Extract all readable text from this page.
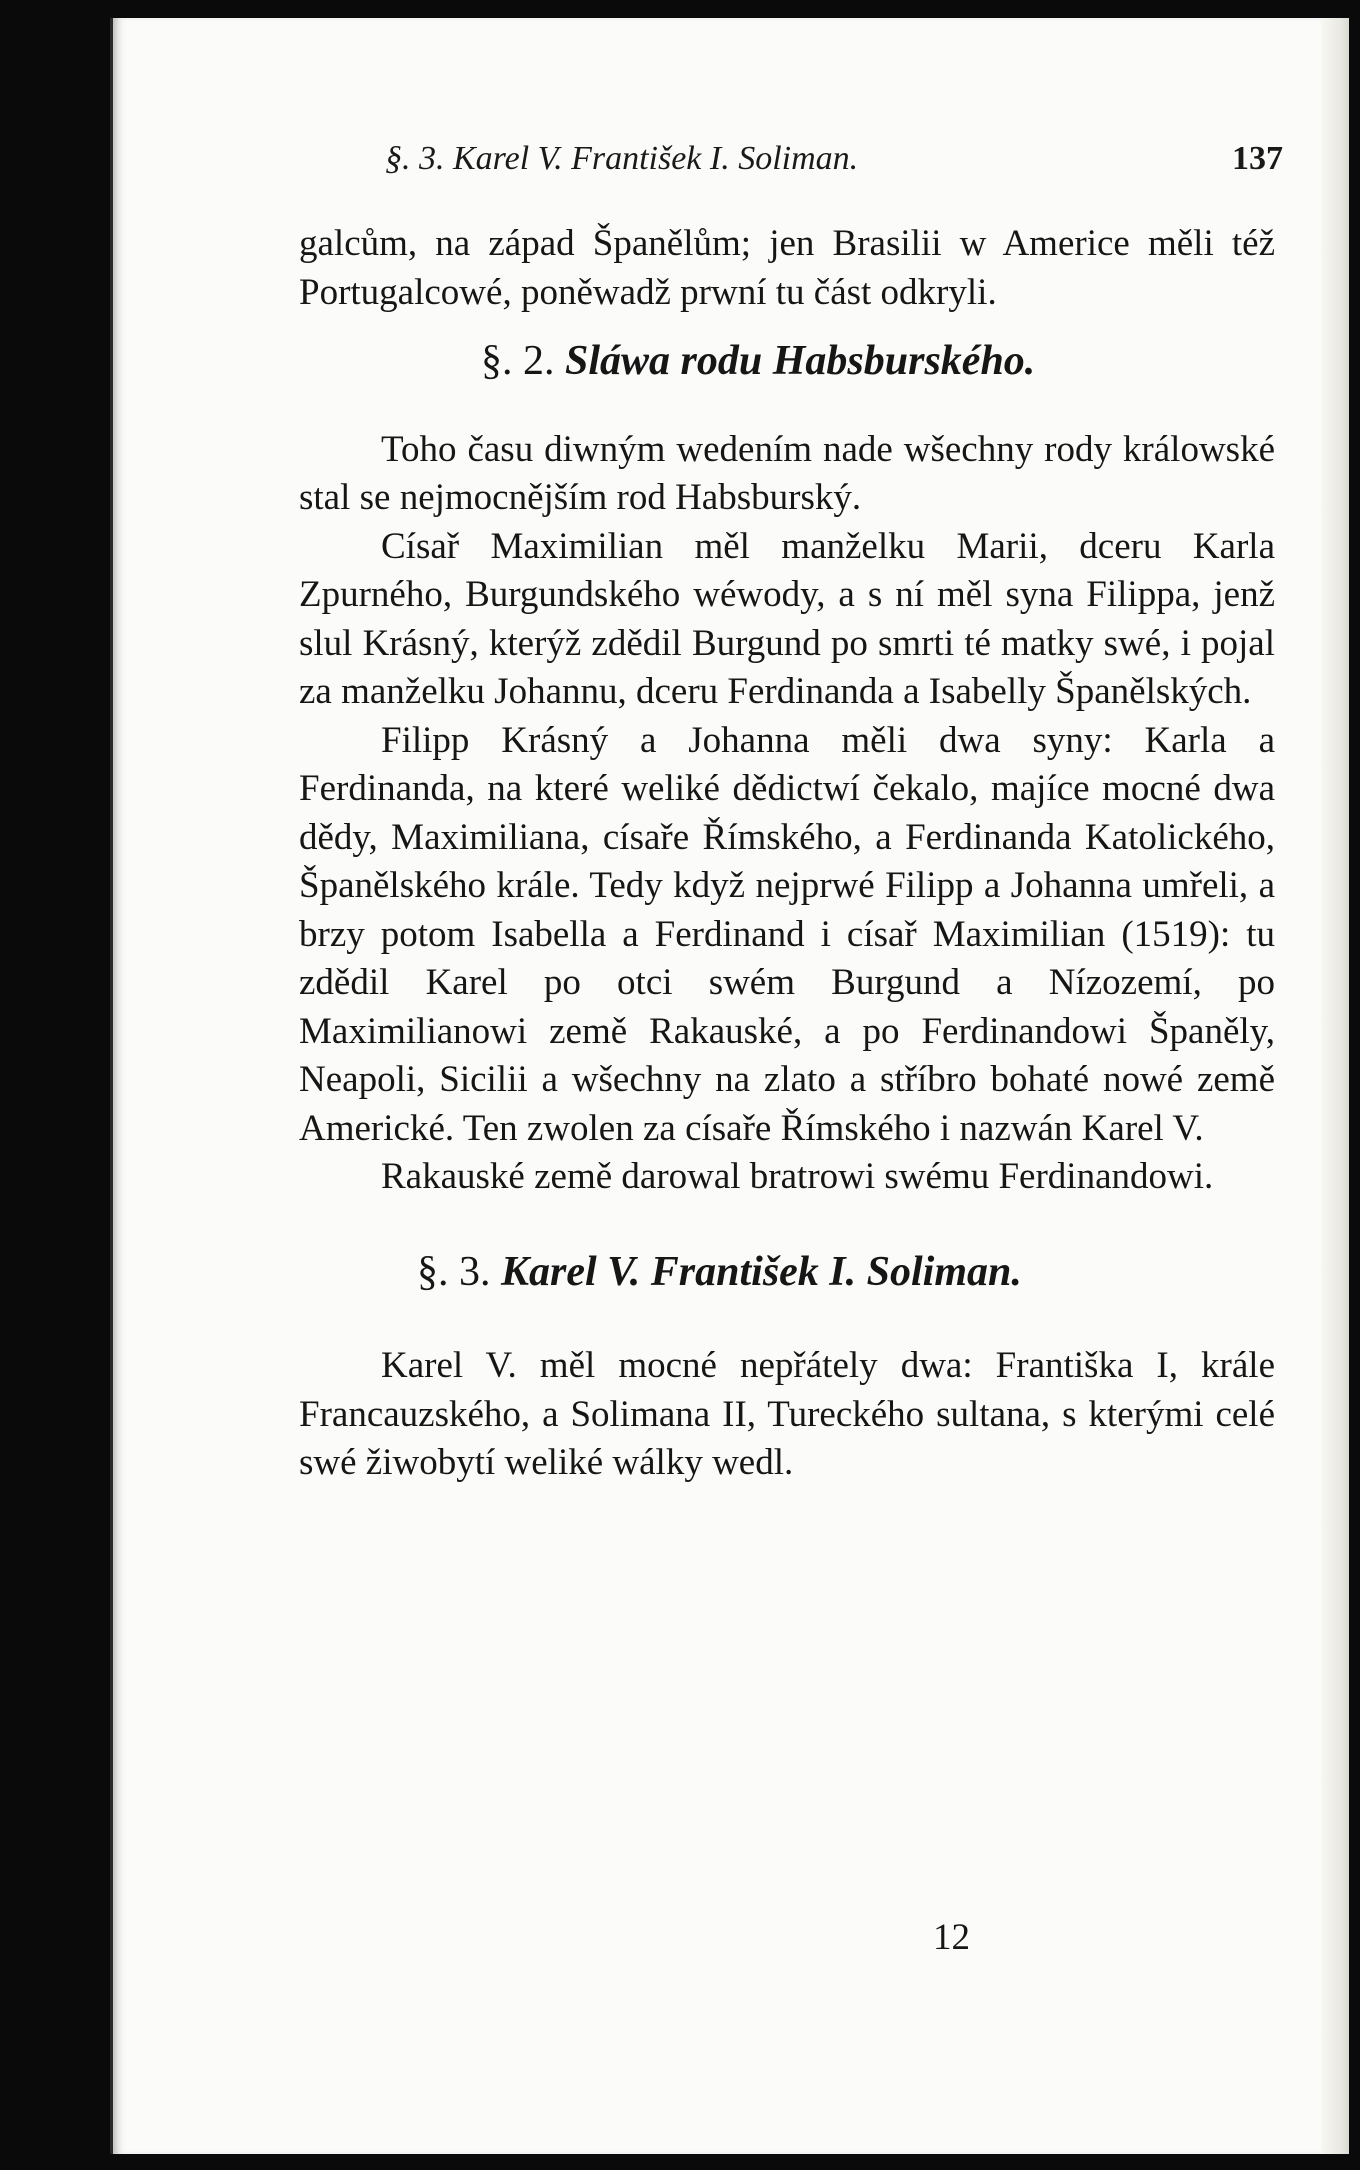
§. 3. Karel V. František I. Soliman.	137

galcům, na západ Španělům; jen Brasilii w Americe měli též Portugalcowé, poněwadž prwní tu část odkryli.

§. 2. Sláwa rodu Habsburského.

Toho času diwným wedením nade wšechny rody králowské stal se nejmocnějším rod Habsburský.

Císař Maximilian měl manželku Marii, dceru Karla Zpurného, Burgundského wéwody, a s ní měl syna Filippa, jenž slul Krásný, kterýž zdědil Burgund po smrti té matky swé, i pojal za manželku Johannu, dceru Ferdinanda a Isabelly Španělských.

Filipp Krásný a Johanna měli dwa syny: Karla a Ferdinanda, na které weliké dědictwí čekalo, majíce mocné dwa dědy, Maximiliana, císaře Římského, a Ferdinanda Katolického, Španělského krále. Tedy když nejprwé Filipp a Johanna umřeli, a brzy potom Isabella a Ferdinand i císař Maximilian (1519): tu zdědil Karel po otci swém Burgund a Nízozemí, po Maximilianowi země Rakauské, a po Ferdinandowi Španěly, Neapoli, Sicilii a wšechny na zlato a stříbro bohaté nowé země Americké. Ten zwolen za císaře Římského i nazwán Karel V.

Rakauské země darowal bratrowi swému Ferdinandowi.

§. 3. Karel V. František I. Soliman.

Karel V. měl mocné nepřátely dwa: Františka I, krále Francauzského, a Solimana II, Tureckého sultana, s kterými celé swé žiwobytí weliké wálky wedl.

12
